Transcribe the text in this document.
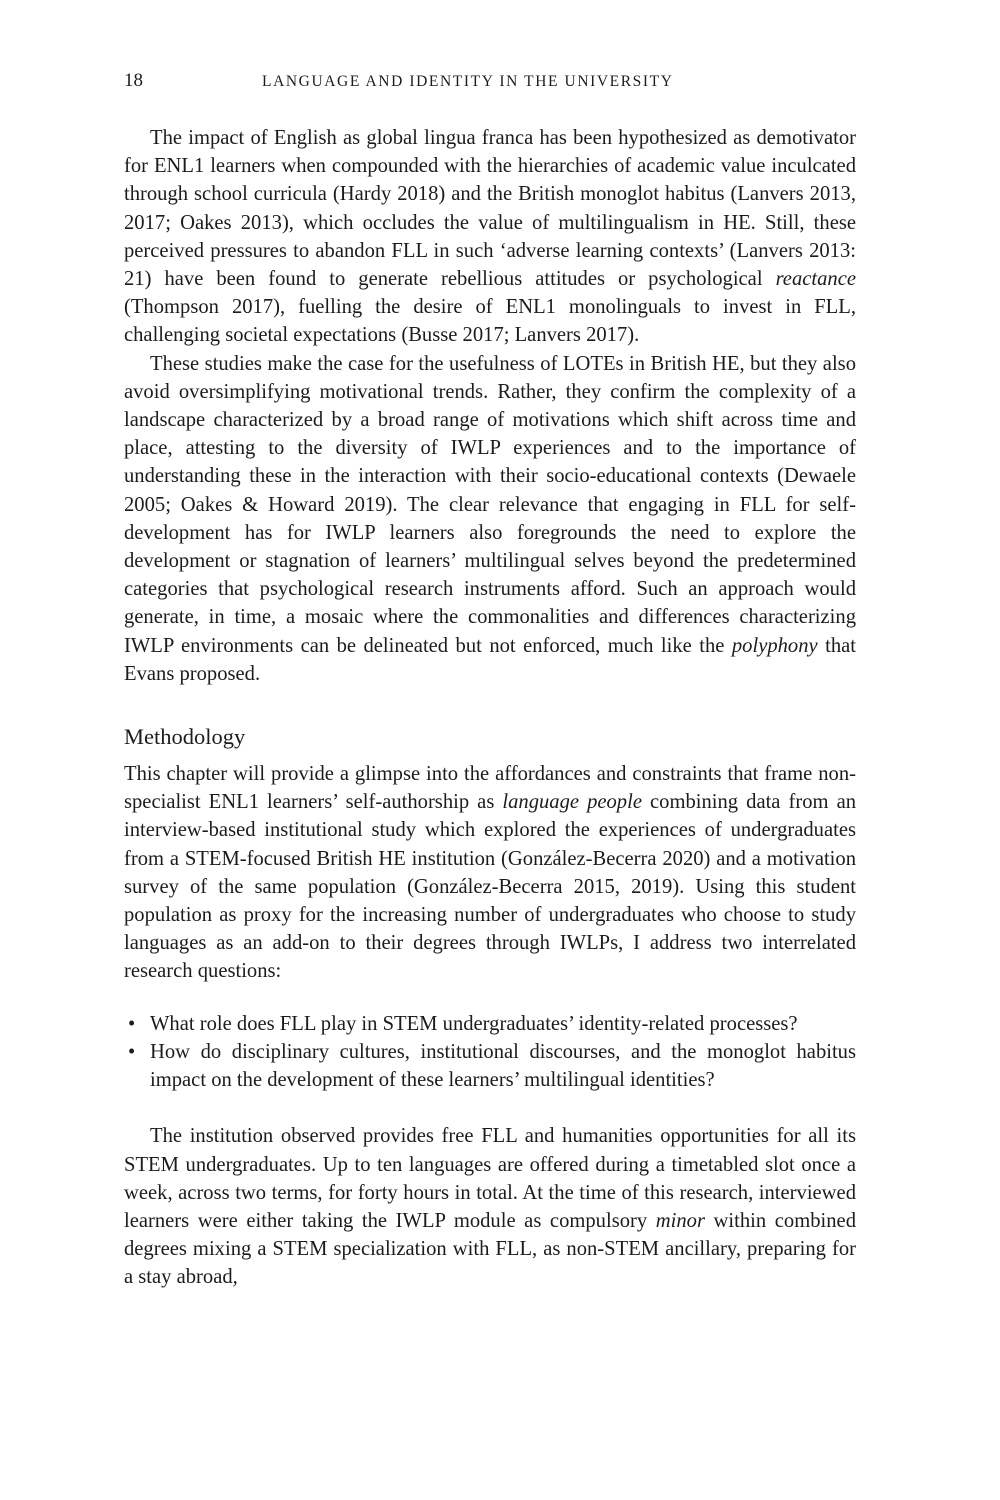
18	LANGUAGE AND IDENTITY IN THE UNIVERSITY

The impact of English as global lingua franca has been hypothesized as demotivator for ENL1 learners when compounded with the hierarchies of academic value inculcated through school curricula (Hardy 2018) and the British monoglot habitus (Lanvers 2013, 2017; Oakes 2013), which occludes the value of multilingualism in HE. Still, these perceived pressures to abandon FLL in such ‘adverse learning contexts’ (Lanvers 2013: 21) have been found to generate rebellious attitudes or psychological reactance (Thompson 2017), fuelling the desire of ENL1 monolinguals to invest in FLL, challenging societal expectations (Busse 2017; Lanvers 2017).

These studies make the case for the usefulness of LOTEs in British HE, but they also avoid oversimplifying motivational trends. Rather, they confirm the complexity of a landscape characterized by a broad range of motivations which shift across time and place, attesting to the diversity of IWLP experiences and to the importance of understanding these in the interaction with their socio-educational contexts (Dewaele 2005; Oakes & Howard 2019). The clear relevance that engaging in FLL for self-development has for IWLP learners also foregrounds the need to explore the development or stagnation of learners’ multilingual selves beyond the predetermined categories that psychological research instruments afford. Such an approach would generate, in time, a mosaic where the commonalities and differences characterizing IWLP environments can be delineated but not enforced, much like the polyphony that Evans proposed.

Methodology

This chapter will provide a glimpse into the affordances and constraints that frame non-specialist ENL1 learners’ self-authorship as language people combining data from an interview-based institutional study which explored the experiences of undergraduates from a STEM-focused British HE institution (González-Becerra 2020) and a motivation survey of the same population (González-Becerra 2015, 2019). Using this student population as proxy for the increasing number of undergraduates who choose to study languages as an add-on to their degrees through IWLPs, I address two interrelated research questions:

• What role does FLL play in STEM undergraduates’ identity-related processes?
• How do disciplinary cultures, institutional discourses, and the monoglot habitus impact on the development of these learners’ multilingual identities?

The institution observed provides free FLL and humanities opportunities for all its STEM undergraduates. Up to ten languages are offered during a timetabled slot once a week, across two terms, for forty hours in total. At the time of this research, interviewed learners were either taking the IWLP module as compulsory minor within combined degrees mixing a STEM specialization with FLL, as non-STEM ancillary, preparing for a stay abroad,
